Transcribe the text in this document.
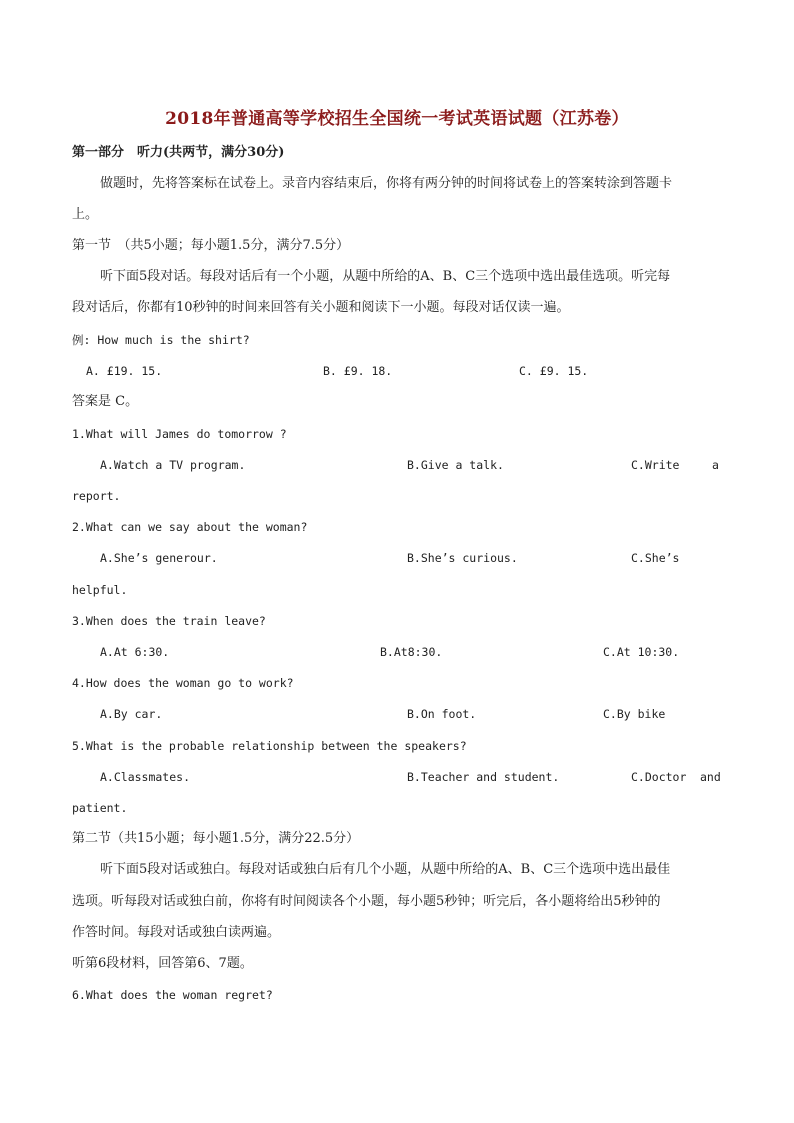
2018年普通高等学校招生全国统一考试英语试题（江苏卷）
第一部分　听力(共两节，满分30分)
做题时，先将答案标在试卷上。录音内容结束后，你将有两分钟的时间将试卷上的答案转涂到答题卡
上。
第一节　（共5小题；每小题1.5分，满分7.5分）
听下面5段对话。每段对话后有一个小题，从题中所给的A、B、C三个选项中选出最佳选项。听完每
段对话后，你都有10秒钟的时间来回答有关小题和阅读下一小题。每段对话仅读一遍。
例: How much is the shirt?
A. £19. 15.	B. £9. 18.	C. £9. 15.
答案是 C。
1.What will James do tomorrow ?
A.Watch a TV program.	B.Give a talk.	C.Write	a
report.
2.What can we say about the woman?
A.She’s generour.	B.She’s curious.	C.She’s
helpful.
3.When does the train leave?
A.At 6:30.	B.At8:30.	C.At 10:30.
4.How does the woman go to work?
A.By car.	B.On foot.	C.By bike
5.What is the probable relationship between the speakers?
A.Classmates.	B.Teacher and student.	C.Doctor and
patient.
第二节（共15小题；每小题1.5分，满分22.5分）
听下面5段对话或独白。每段对话或独白后有几个小题，从题中所给的A、B、C三个选项中选出最佳
选项。听每段对话或独白前，你将有时间阅读各个小题，每小题5秒钟；听完后，各小题将给出5秒钟的
作答时间。每段对话或独白读两遍。
听第6段材料，回答第6、7题。
6.What does the woman regret?
